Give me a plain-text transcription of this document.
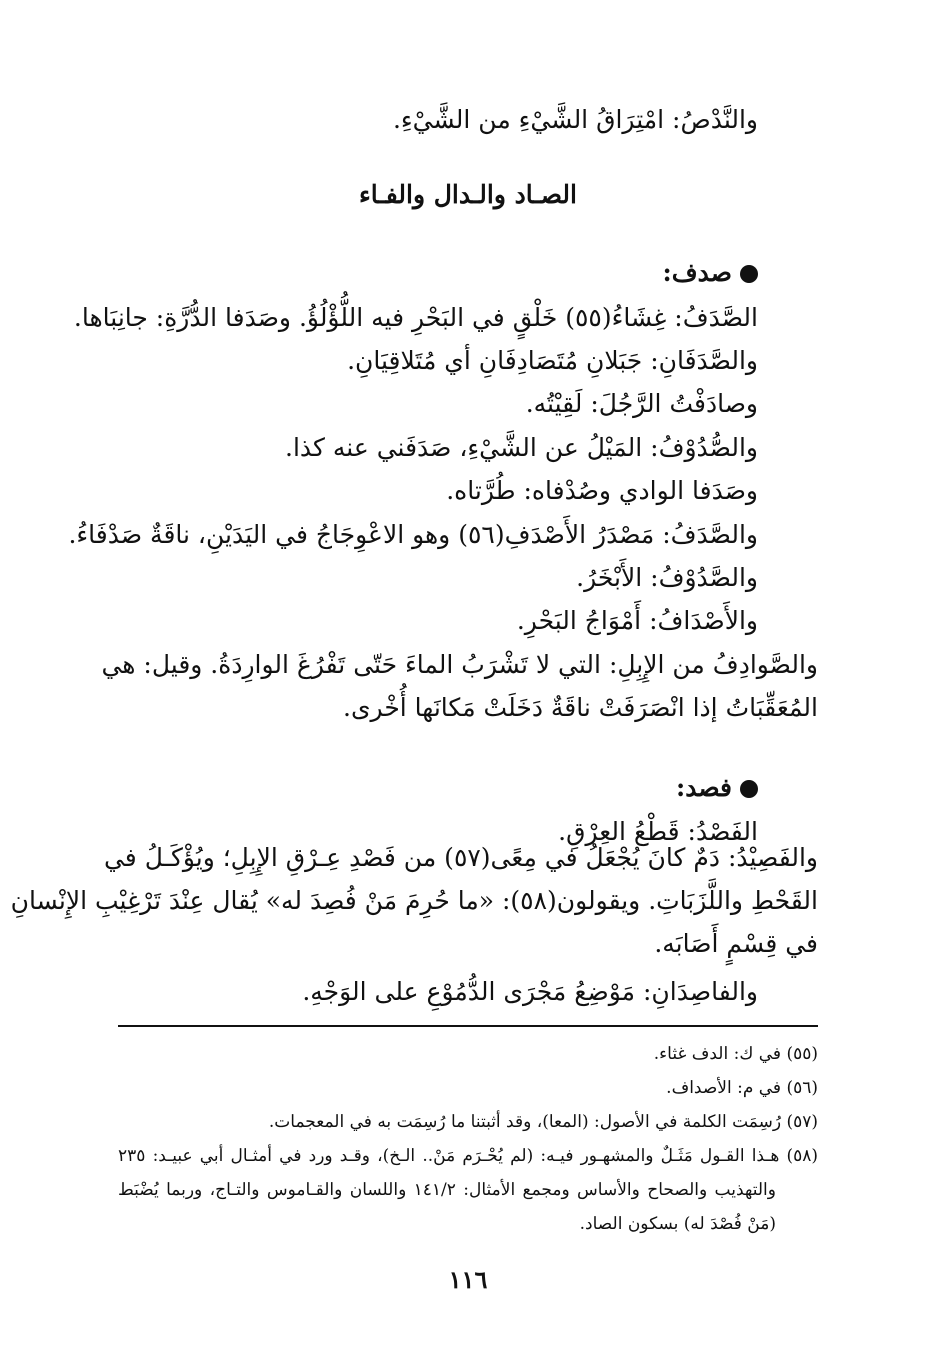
والنَّدْصُ: امْتِرَاقُ الشَّيْءِ من الشَّيْءِ.
الصـاد والـدال والفـاء
صدف:
الصَّدَفُ: غِشَاءُ(٥٥) خَلْقٍ في البَحْرِ فيه اللُّؤْلُؤُ. وصَدَفا الدُّرَّةِ: جانِبَاها.
والصَّدَفَانِ: جَبَلانِ مُتَصَادِفَانِ أي مُتَلاقِيَانِ.
وصادَفْتُ الرَّجُلَ: لَقِيْتُه.
والصُّدُوْفُ: المَيْلُ عن الشَّيْءِ، صَدَفَني عنه كذا.
وصَدَفا الوادي وصُدْفاه: طُرَّتاه.
والصَّدَفُ: مَصْدَرُ الأَصْدَفِ(٥٦) وهو الاعْوِجَاجُ في اليَدَيْنِ، ناقَةٌ صَدْفَاءُ.
والصَّدُوْفُ: الأَبْخَرُ.
والأَصْدَافُ: أَمْوَاجُ البَحْرِ.
والصَّوادِفُ من الإِبِلِ: التي لا تَشْرَبُ الماءَ حَتّى تَفْرُغَ الوارِدَةُ. وقيل: هي
المُعَقِّبَاتُ إذا انْصَرَفَتْ ناقَةٌ دَخَلَتْ مَكانَها أُخْرى.
فصد:
الفَصْدُ: قَطْعُ العِرْقِ.
والفَصِيْدُ: دَمٌ كانَ يُجْعَلُ في مِعًى(٥٧) من فَصْدِ عِـرْقِ الإِبِلِ؛ ويُؤْكَـلُ في
القَحْطِ واللَّزَبَاتِ. ويقولون(٥٨): «ما حُرِمَ مَنْ فُصِدَ له» يُقال عِنْدَ تَرْغِيْبِ الإِنْسانِ
في قِسْمٍ أَصَابَه.
والفاصِدَانِ: مَوْضِعُ مَجْرَى الدُّمُوْعِ على الوَجْهِ.
(٥٥) في ك: الدف غثاء.
(٥٦) في م: الأصداف.
(٥٧) رُسِمَت الكلمة في الأصول: (المعا)، وقد أثبتنا ما رُسِمَت به في المعجمات.
(٥٨) هـذا القـول مَثَـلٌ والمشهـور فيـه: (لم يُحْـرَم مَنْ.. الـخ)، وقـد ورد في أمثـال أبي عبيـد: ٢٣٥
والتهذيب والصحاح والأساس ومجمع الأمثال: ١٤١/٢ واللسان والقـاموس والتـاج، وربما يُضْبَط
(مَنْ فُصْدَ له) بسكون الصاد.
١١٦
